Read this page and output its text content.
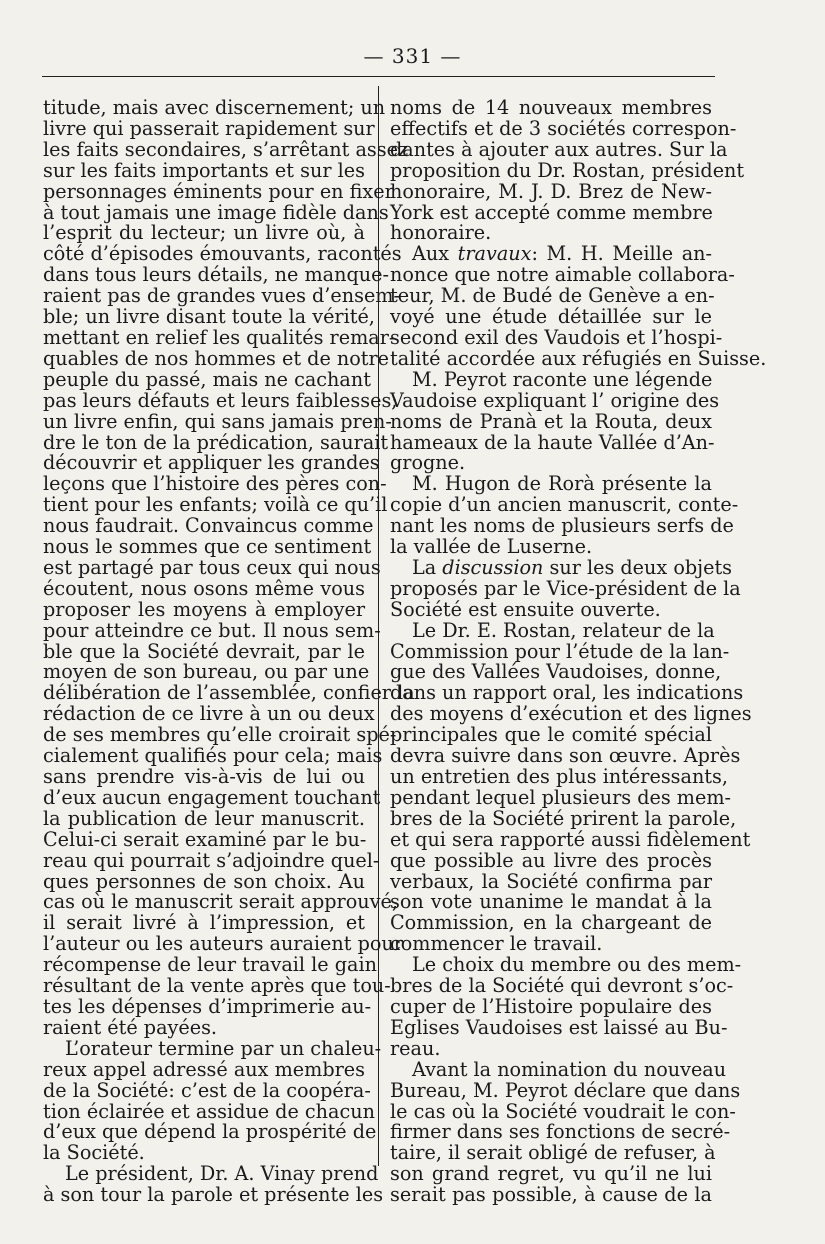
— 331 —
titude, mais avec discernement; un
livre qui passerait rapidement sur
les faits secondaires, s’arrêtant assez
sur les faits importants et sur les
personnages éminents pour en fixer
à tout jamais une image fidèle dans
l’esprit du lecteur; un livre où, à
côté d’épisodes émouvants, racontés
dans tous leurs détails, ne manque-
raient pas de grandes vues d’ensem-
ble; un livre disant toute la vérité,
mettant en relief les qualités remar-
quables de nos hommes et de notre
peuple du passé, mais ne cachant
pas leurs défauts et leurs faiblesses;
un livre enfin, qui sans jamais pren-
dre le ton de la prédication, saurait
découvrir et appliquer les grandes
leçons que l’histoire des pères con-
tient pour les enfants; voilà ce qu’il
nous faudrait. Convaincus comme
nous le sommes que ce sentiment
est partagé par tous ceux qui nous
écoutent, nous osons même vous
proposer les moyens à employer
pour atteindre ce but. Il nous sem-
ble que la Société devrait, par le
moyen de son bureau, ou par une
délibération de l’assemblée, confier la
rédaction de ce livre à un ou deux
de ses membres qu’elle croirait spé-
cialement qualifiés pour cela; mais
sans prendre vis-à-vis de lui ou
d’eux aucun engagement touchant
la publication de leur manuscrit.
Celui-ci serait examiné par le bu-
reau qui pourrait s’adjoindre quel-
ques personnes de son choix. Au
cas où le manuscrit serait approuvé,
il serait livré à l’impression, et
l’auteur ou les auteurs auraient pour
récompense de leur travail le gain
résultant de la vente après que tou-
tes les dépenses d’imprimerie au-
raient été payées.
L’orateur termine par un chaleu-
reux appel adressé aux membres
de la Société: c’est de la coopéra-
tion éclairée et assidue de chacun
d’eux que dépend la prospérité de
la Société.
Le président, Dr. A. Vinay prend
à son tour la parole et présente les
noms de 14 nouveaux membres
effectifs et de 3 sociétés correspon-
dantes à ajouter aux autres. Sur la
proposition du Dr. Rostan, président
honoraire, M. J. D. Brez de New-
York est accepté comme membre
honoraire.
Aux travaux: M. H. Meille an-
nonce que notre aimable collabora-
teur, M. de Budé de Genève a en-
voyé une étude détaillée sur le
second exil des Vaudois et l’hospi-
talité accordée aux réfugiés en Suisse.
M. Peyrot raconte une légende
Vaudoise expliquant l’ origine des
noms de Pranà et la Routa, deux
hameaux de la haute Vallée d’An-
grogne.
M. Hugon de Rorà présente la
copie d’un ancien manuscrit, conte-
nant les noms de plusieurs serfs de
la vallée de Luserne.
La discussion sur les deux objets
proposés par le Vice-président de la
Société est ensuite ouverte.
Le Dr. E. Rostan, relateur de la
Commission pour l’étude de la lan-
gue des Vallées Vaudoises, donne,
dans un rapport oral, les indications
des moyens d’exécution et des lignes
principales que le comité spécial
devra suivre dans son œuvre. Après
un entretien des plus intéressants,
pendant lequel plusieurs des mem-
bres de la Société prirent la parole,
et qui sera rapporté aussi fidèlement
que possible au livre des procès
verbaux, la Société confirma par
son vote unanime le mandat à la
Commission, en la chargeant de
commencer le travail.
Le choix du membre ou des mem-
bres de la Société qui devront s’oc-
cuper de l’Histoire populaire des
Eglises Vaudoises est laissé au Bu-
reau.
Avant la nomination du nouveau
Bureau, M. Peyrot déclare que dans
le cas où la Société voudrait le con-
firmer dans ses fonctions de secré-
taire, il serait obligé de refuser, à
son grand regret, vu qu’il ne lui
serait pas possible, à cause de la
